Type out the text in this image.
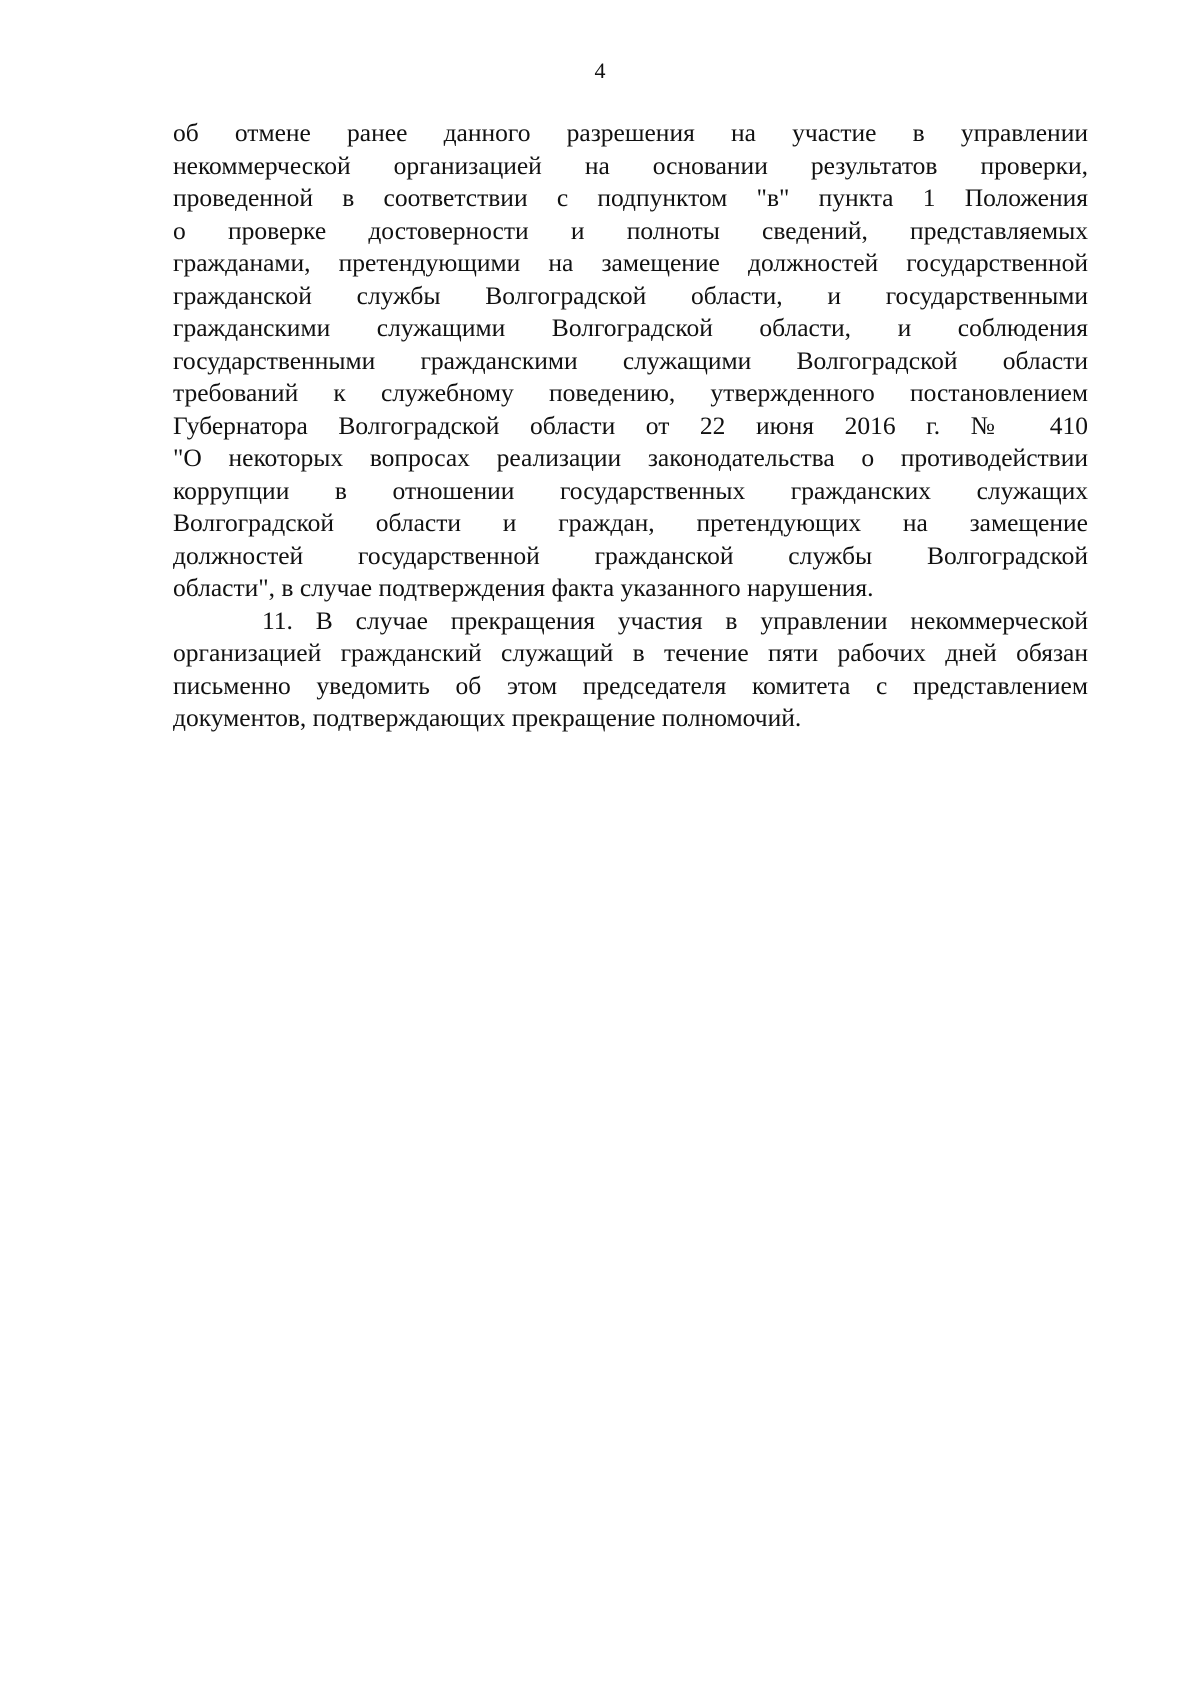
4
об отмене ранее данного разрешения на участие в управлении
некоммерческой организацией на основании результатов проверки,
проведенной в соответствии с подпунктом "в" пункта 1 Положения
о проверке достоверности и полноты сведений, представляемых
гражданами, претендующими на замещение должностей государственной
гражданской службы Волгоградской области, и государственными
гражданскими служащими Волгоградской области, и соблюдения
государственными гражданскими служащими Волгоградской области
требований к служебному поведению, утвержденного постановлением
Губернатора Волгоградской области от 22 июня 2016 г. № 410
"О некоторых вопросах реализации законодательства о противодействии
коррупции в отношении государственных гражданских служащих
Волгоградской области и граждан, претендующих на замещение
должностей государственной гражданской службы Волгоградской
области", в случае подтверждения факта указанного нарушения.
11. В случае прекращения участия в управлении некоммерческой
организацией гражданский служащий в течение пяти рабочих дней обязан
письменно уведомить об этом председателя комитета с представлением
документов, подтверждающих прекращение полномочий.
